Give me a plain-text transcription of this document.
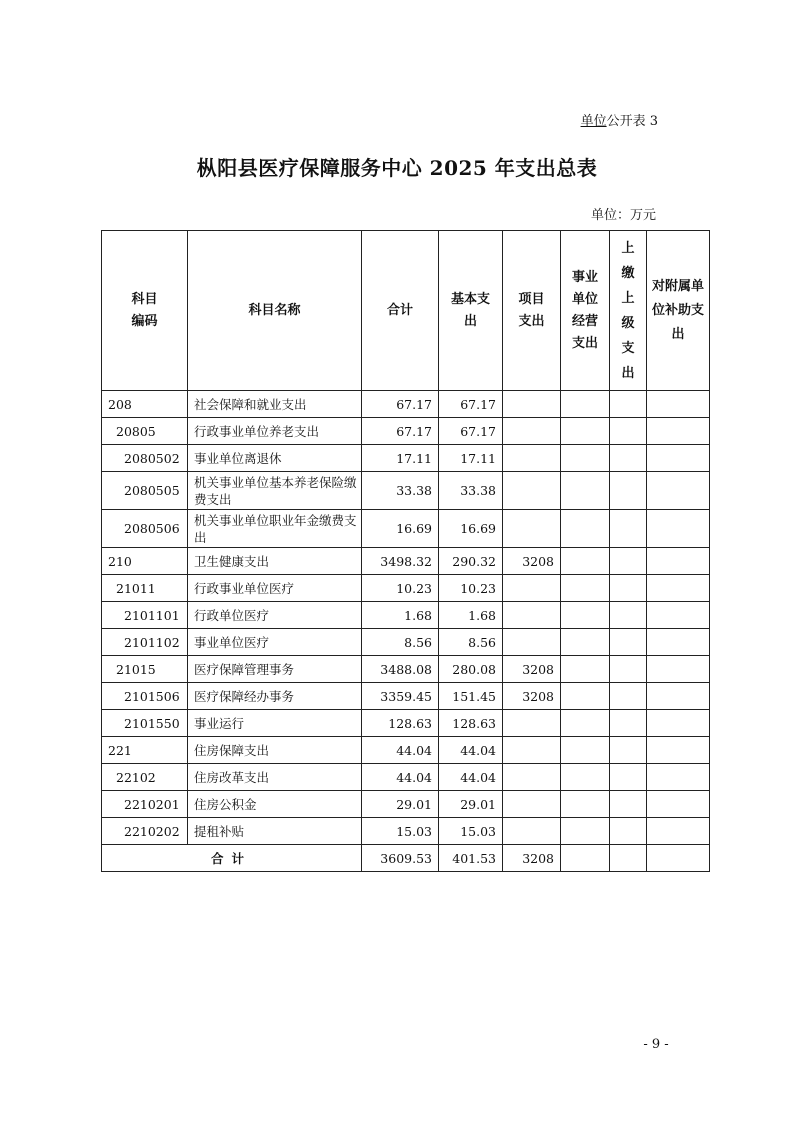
单位公开表 3
枞阳县医疗保障服务中心 2025 年支出总表
单位：万元
科目编码	科目名称	合计	基本支出	项目支出	事业单位经营支出	上缴上级支出	对附属单位补助支出
208	社会保障和就业支出	67.17	67.17				
20805	行政事业单位养老支出	67.17	67.17				
2080502	事业单位离退休	17.11	17.11				
2080505	机关事业单位基本养老保险缴费支出	33.38	33.38				
2080506	机关事业单位职业年金缴费支出	16.69	16.69				
210	卫生健康支出	3498.32	290.32	3208			
21011	行政事业单位医疗	10.23	10.23				
2101101	行政单位医疗	1.68	1.68				
2101102	事业单位医疗	8.56	8.56				
21015	医疗保障管理事务	3488.08	280.08	3208			
2101506	医疗保障经办事务	3359.45	151.45	3208			
2101550	事业运行	128.63	128.63				
221	住房保障支出	44.04	44.04				
22102	住房改革支出	44.04	44.04				
2210201	住房公积金	29.01	29.01				
2210202	提租补贴	15.03	15.03				
合计		3609.53	401.53	3208			
- 9 -
